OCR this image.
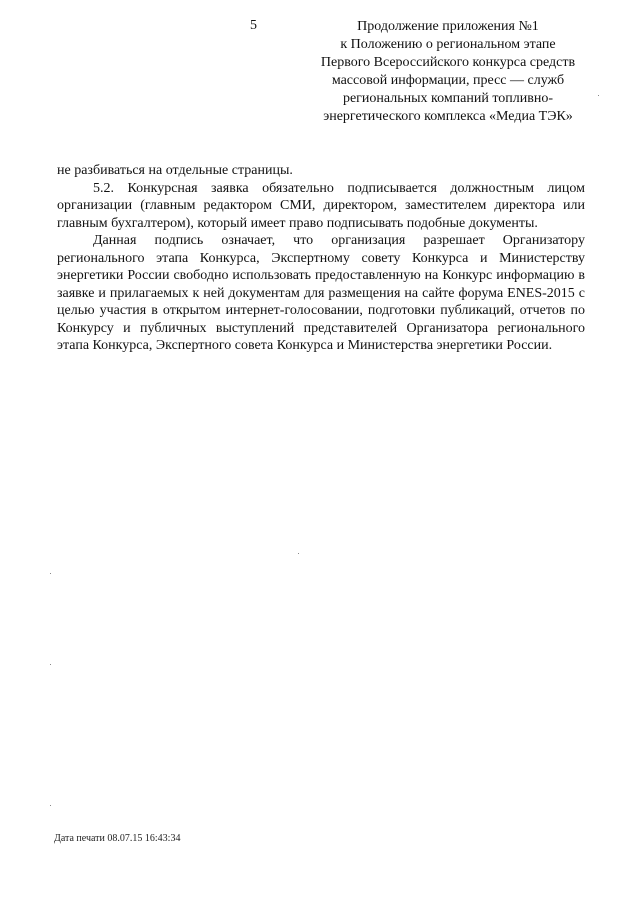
5	Продолжение приложения №1
к Положению о региональном этапе
Первого Всероссийского конкурса средств
массовой информации, пресс — служб
региональных компаний топливно-
энергетического комплекса «Медиа ТЭК»

не разбиваться на отдельные страницы.

5.2. Конкурсная заявка обязательно подписывается должностным лицом организации (главным редактором СМИ, директором, заместителем директора или главным бухгалтером), который имеет право подписывать подобные документы.

Данная подпись означает, что организация разрешает Организатору регионального этапа Конкурса, Экспертному совету Конкурса и Министерству энергетики России свободно использовать предоставленную на Конкурс информацию в заявке и прилагаемых к ней документам для размещения на сайте форума ENES-2015 с целью участия в открытом интернет-голосовании, подготовки публикаций, отчетов по Конкурсу и публичных выступлений представителей Организатора регионального этапа Конкурса, Экспертного совета Конкурса и Министерства энергетики России.

Дата печати 08.07.15 16:43:34
